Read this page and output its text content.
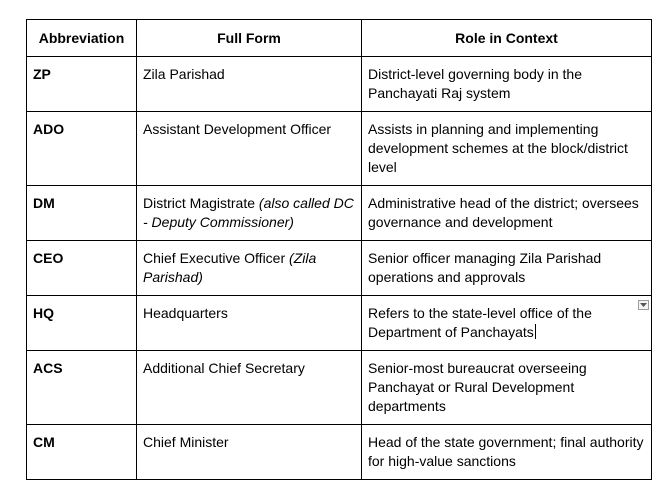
Abbreviation	Full Form	Role in Context
ZP	Zila Parishad	District-level governing body in the Panchayati Raj system
ADO	Assistant Development Officer	Assists in planning and implementing development schemes at the block/district level
DM	District Magistrate (also called DC - Deputy Commissioner)	Administrative head of the district; oversees governance and development
CEO	Chief Executive Officer (Zila Parishad)	Senior officer managing Zila Parishad operations and approvals
HQ	Headquarters	Refers to the state-level office of the Department of Panchayats

ACS	Additional Chief Secretary	Senior-most bureaucrat overseeing Panchayat or Rural Development departments
CM	Chief Minister	Head of the state government; final authority for high-value sanctions
